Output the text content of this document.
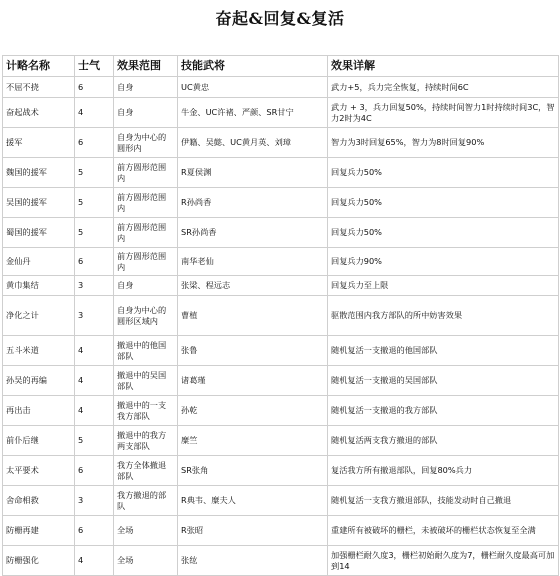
奋起&回复&复活
计略名称	士气	效果范围	技能武将	效果详解
不屈不挠	6	自身	UC黄忠	武力+5，兵力完全恢复，持续时间6C
奋起战术	4	自身	牛金、UC许褚、严颜、SR甘宁	武力 + 3，兵力回复50%，持续时间智力1时持续时间3C，智力2时为4C
援军	6	自身为中心的圆形内	伊籍、吴懿、UC黄月英、刘璋	智力为3时回复65%，智力为8时回复90%
魏国的援军	5	前方圆形范围内	R夏侯渊	回复兵力50%
吴国的援军	5	前方圆形范围内	R孙尚香	回复兵力50%
蜀国的援军	5	前方圆形范围内	SR孙尚香	回复兵力50%
金仙丹	6	前方圆形范围内	南华老仙	回复兵力90%
黄巾集结	3	自身	张梁、程远志	回复兵力至上限
净化之计	3	自身为中心的圆形区域内	曹植	驱散范围内我方部队的所中妨害效果
五斗米道	4	撤退中的他国部队	张鲁	随机复活一支撤退的他国部队
孙吴的再编	4	撤退中的吴国部队	诸葛瑾	随机复活一支撤退的吴国部队
再出击	4	撤退中的一支我方部队	孙乾	随机复活一支撤退的我方部队
前仆后继	5	撤退中的我方两支部队	糜竺	随机复活两支我方撤退的部队
太平要术	6	我方全体撤退部队	SR张角	复活我方所有撤退部队，回复80%兵力
舍命相救	3	我方撤退的部队	R典韦、糜夫人	随机复活一支我方撤退部队，技能发动时自己撤退
防栅再建	6	全场	R张昭	重建所有被破坏的栅栏，未被破坏的栅栏状态恢复至全满
防栅强化	4	全场	张纮	加强栅栏耐久度3，栅栏初始耐久度为7，栅栏耐久度最高可加到14
